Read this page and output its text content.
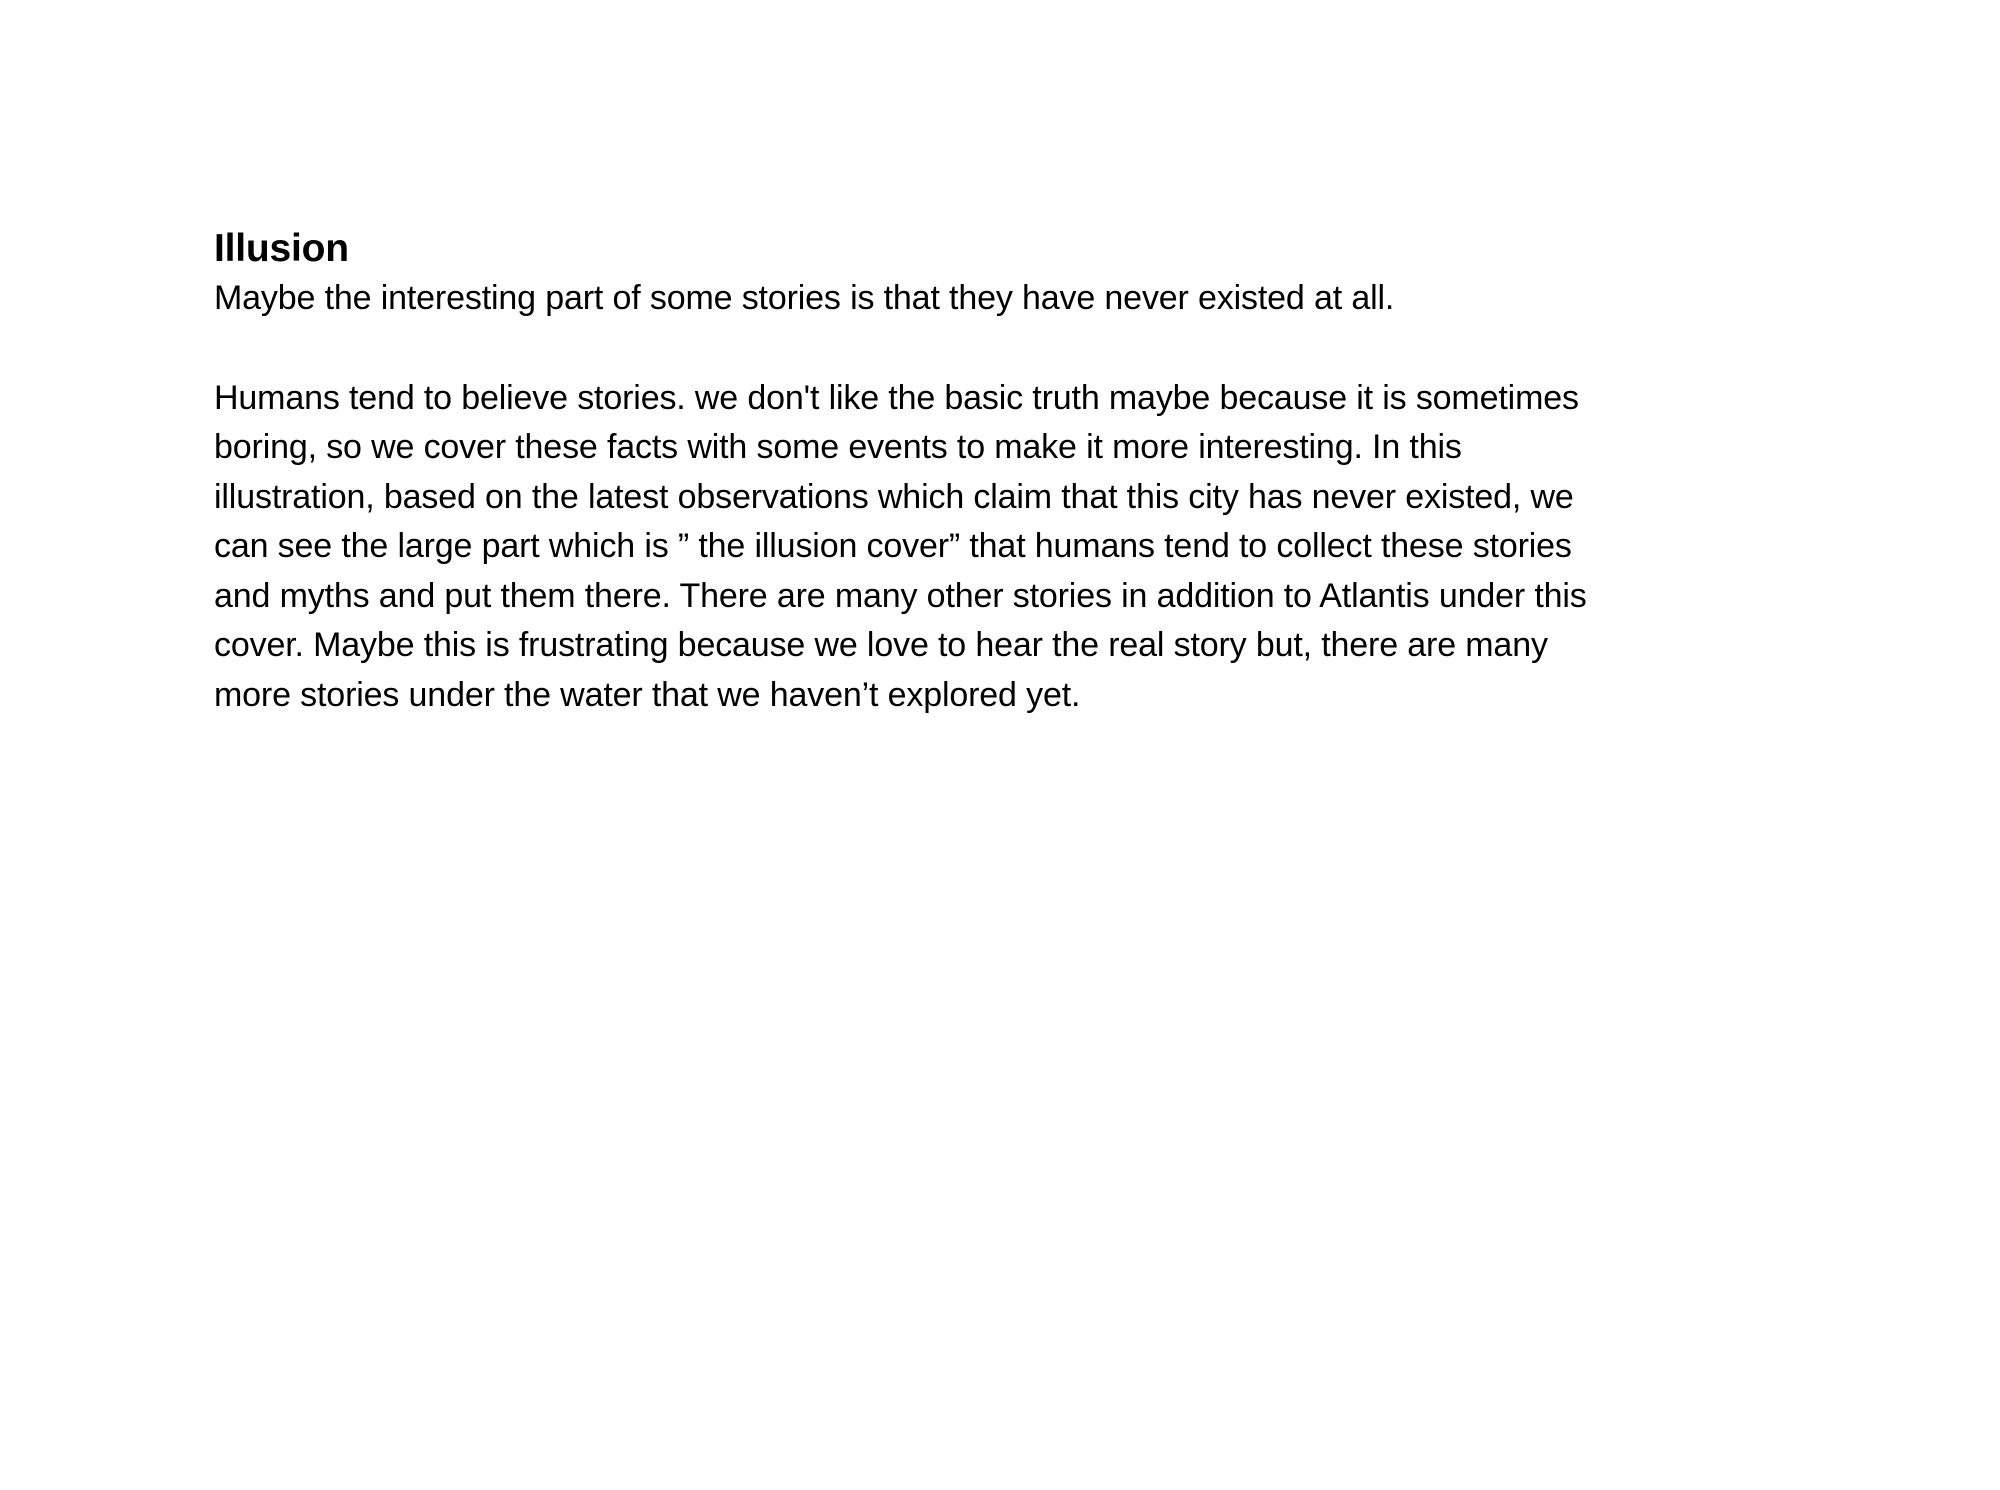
Illusion

Maybe the interesting part of some stories is that they have never existed at all.

Humans tend to believe stories. we don't like the basic truth maybe because it is sometimes

boring, so we cover these facts with some events to make it more interesting. In this

illustration, based on the latest observations which claim that this city has never existed, we

can see the large part which is ” the illusion cover” that humans tend to collect these stories

and myths and put them there. There are many other stories in addition to Atlantis under this

cover. Maybe this is frustrating because we love to hear the real story but, there are many

more stories under the water that we haven’t explored yet.
